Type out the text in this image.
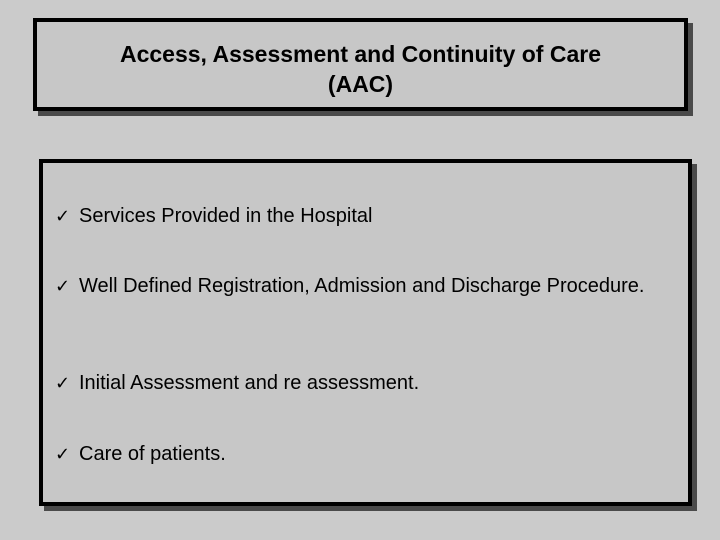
Access, Assessment and Continuity of Care
(AAC)
✓ Services Provided in the Hospital
✓ Well Defined Registration, Admission and Discharge Procedure.
✓ Initial Assessment and re assessment.
✓ Care of patients.
